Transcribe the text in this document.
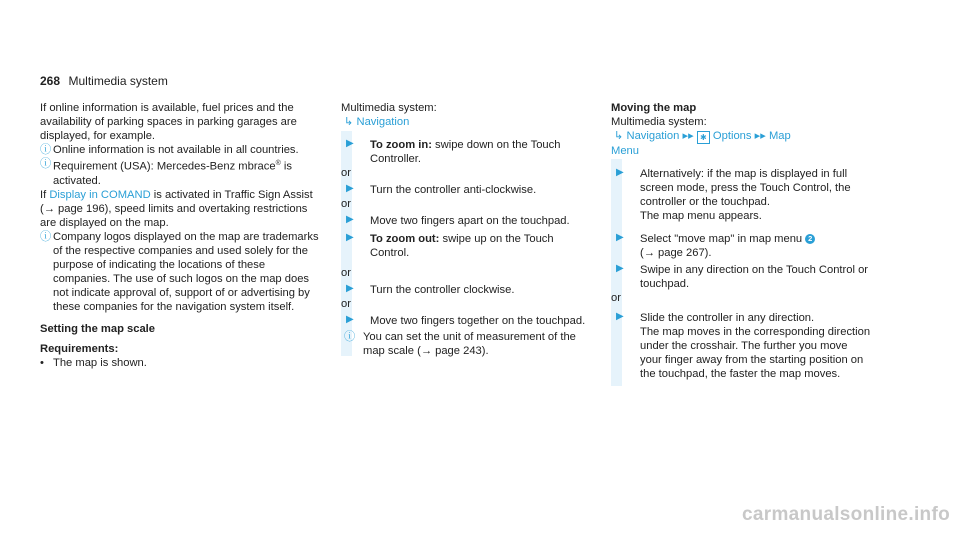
268 Multimedia system

If online information is available, fuel prices and the availability of parking spaces in parking garages are displayed, for example.

ⓘ Online information is not available in all countries.

ⓘ Requirement (USA): Mercedes-Benz mbrace® is activated.

If Display in COMAND is activated in Traffic Sign Assist (→ page 196), speed limits and overtaking restrictions are displayed on the map.

ⓘ Company logos displayed on the map are trademarks of the respective companies and used solely for the purpose of indicating the locations of these companies. The use of such logos on the map does not indicate approval of, support of or advertising by these companies for the navigation system itself.

Setting the map scale

Requirements:

• The map is shown.

Multimedia system:

↳ Navigation

▶	To zoom in: swipe down on the Touch Controller.

or

▶	Turn the controller anti-clockwise.

or

▶	Move two fingers apart on the touchpad.

▶	To zoom out: swipe up on the Touch Control.

or

▶	Turn the controller clockwise.

or

▶	Move two fingers together on the touchpad.

ⓘ You can set the unit of measurement of the map scale (→ page 243).

Moving the map

Multimedia system:

↳ Navigation ▸▸ ✱ Options ▸▸ Map

Menu

▶	Alternatively: if the map is displayed in full screen mode, press the Touch Control, the controller or the touchpad.

The map menu appears.

▶	Select "move map" in map menu 2

(→ page 267).

▶	Swipe in any direction on the Touch Control or touchpad.

or

▶	Slide the controller in any direction.

The map moves in the corresponding direction under the crosshair. The further you move your finger away from the starting position on the touchpad, the faster the map moves.

carmanualsonline.info
